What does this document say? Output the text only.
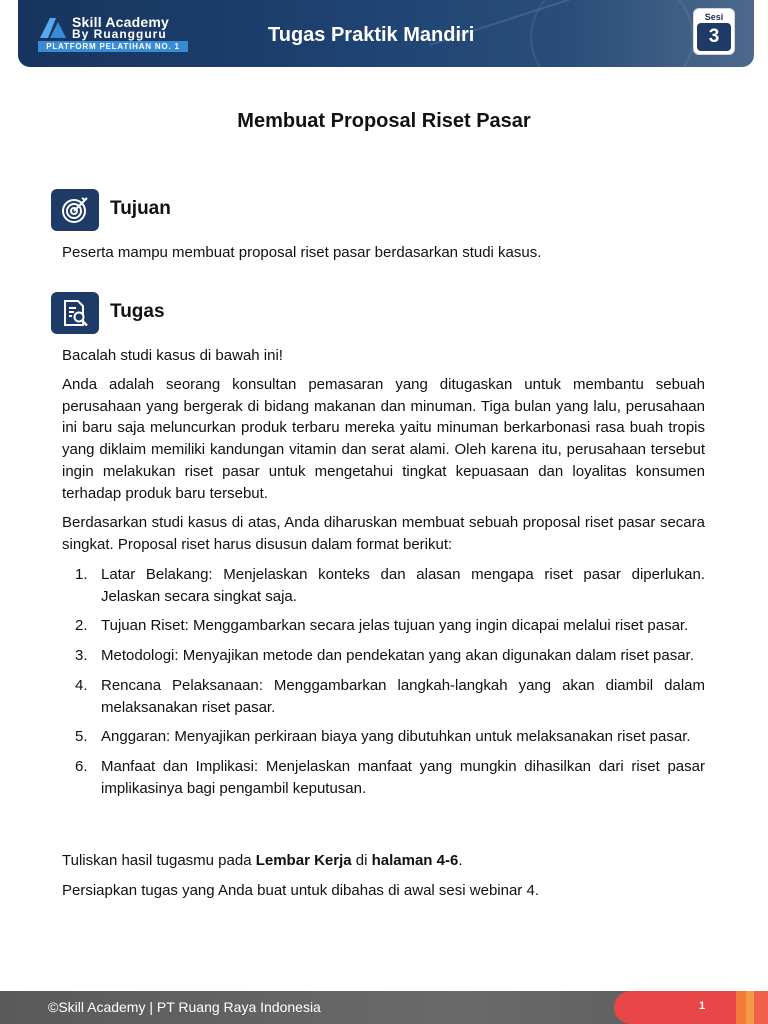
Skill Academy
By Ruangguru
PLATFORM PELATIHAN NO. 1
Tugas Praktik Mandiri
Sesi
3
Membuat Proposal Riset Pasar
Tujuan
Peserta mampu membuat proposal riset pasar berdasarkan studi kasus.
Tugas
Bacalah studi kasus di bawah ini!
Anda adalah seorang konsultan pemasaran yang ditugaskan untuk membantu sebuah perusahaan yang bergerak di bidang makanan dan minuman. Tiga bulan yang lalu, perusahaan ini baru saja meluncurkan produk terbaru mereka yaitu minuman berkarbonasi rasa buah tropis yang diklaim memiliki kandungan vitamin dan serat alami. Oleh karena itu, perusahaan tersebut ingin melakukan riset pasar untuk mengetahui tingkat kepuasaan dan loyalitas konsumen terhadap produk baru tersebut.
Berdasarkan studi kasus di atas, Anda diharuskan membuat sebuah proposal riset pasar secara singkat. Proposal riset harus disusun dalam format berikut:
1. Latar Belakang: Menjelaskan konteks dan alasan mengapa riset pasar diperlukan. Jelaskan secara singkat saja.
2. Tujuan Riset: Menggambarkan secara jelas tujuan yang ingin dicapai melalui riset pasar.
3. Metodologi: Menyajikan metode dan pendekatan yang akan digunakan dalam riset pasar.
4. Rencana Pelaksanaan: Menggambarkan langkah-langkah yang akan diambil dalam melaksanakan riset pasar.
5. Anggaran: Menyajikan perkiraan biaya yang dibutuhkan untuk melaksanakan riset pasar.
6. Manfaat dan Implikasi: Menjelaskan manfaat yang mungkin dihasilkan dari riset pasar implikasinya bagi pengambil keputusan.
Tuliskan hasil tugasmu pada Lembar Kerja di halaman 4-6.
Persiapkan tugas yang Anda buat untuk dibahas di awal sesi webinar 4.
©Skill Academy | PT Ruang Raya Indonesia	1
